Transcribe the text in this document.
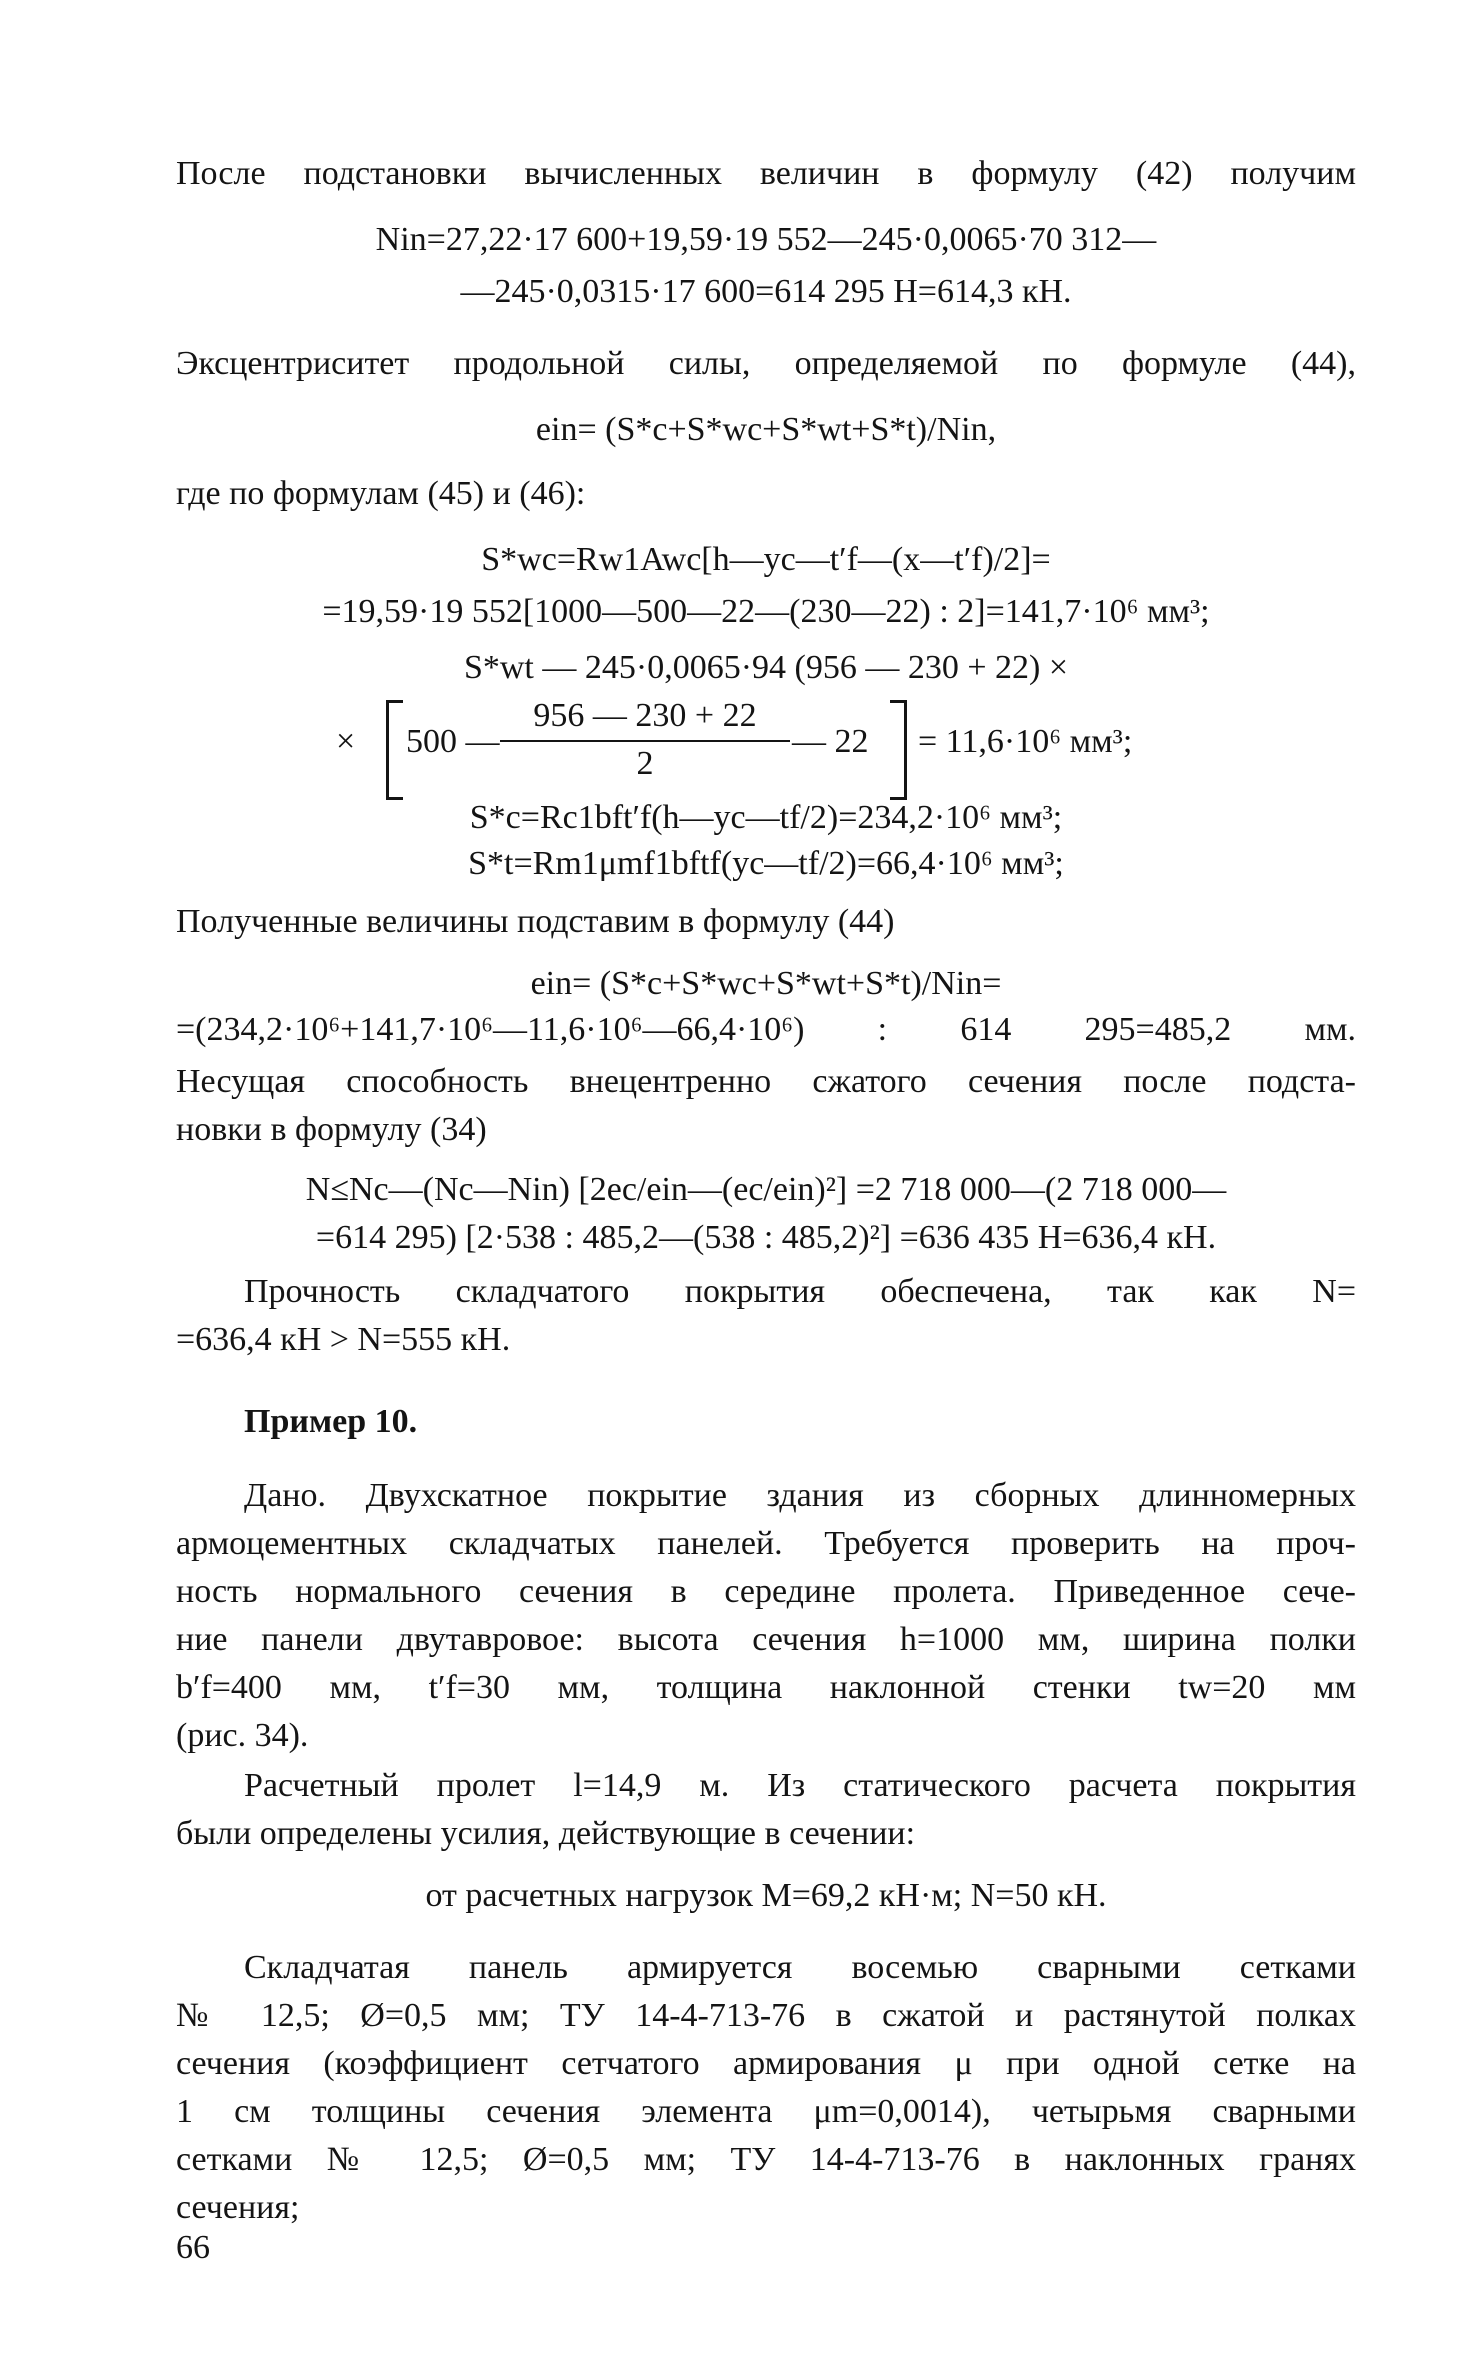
После подстановки вычисленных величин в формулу (42) получим
Nin=27,22·17 600+19,59·19 552—245·0,0065·70 312—
—245·0,0315·17 600=614 295 Н=614,3 кН.
Эксцентриситет продольной силы, определяемой по формуле (44),
ein= (S*c+S*wc+S*wt+S*t)/Nin,
где по формулам (45) и (46):
S*wc=Rw1Awc[h—yc—t′f—(x—t′f)/2]=
=19,59·19 552[1000—500—22—(230—22) : 2]=141,7·10⁶ мм³;
S*wt — 245·0,0065·94 (956 — 230 + 22) ×
× 500 —
956 — 230 + 22
2
— 22 = 11,6·10⁶ мм³;
S*c=Rc1bft′f(h—yc—tf/2)=234,2·10⁶ мм³;
S*t=Rm1μmf1bftf(yc—tf/2)=66,4·10⁶ мм³;
Полученные величины подставим в формулу (44)
ein= (S*c+S*wc+S*wt+S*t)/Nin=
=(234,2·10⁶+141,7·10⁶—11,6·10⁶—66,4·10⁶) : 614 295=485,2 мм.
Несущая способность внецентренно сжатого сечения после подста-
новки в формулу (34)
N≤Nc—(Nc—Nin) [2ec/ein—(ec/ein)²] =2 718 000—(2 718 000—
=614 295) [2·538 : 485,2—(538 : 485,2)²] =636 435 Н=636,4 кН.
Прочность складчатого покрытия обеспечена, так как N=
=636,4 кН > N=555 кН.
Пример 10.
Дано. Двухскатное покрытие здания из сборных длинномерных
армоцементных складчатых панелей. Требуется проверить на проч-
ность нормального сечения в середине пролета. Приведенное сече-
ние панели двутавровое: высота сечения h=1000 мм, ширина полки
b′f=400 мм, t′f=30 мм, толщина наклонной стенки tw=20 мм
(рис. 34).
Расчетный пролет l=14,9 м. Из статического расчета покрытия
были определены усилия, действующие в сечении:
от расчетных нагрузок M=69,2 кН·м; N=50 кН.
Складчатая панель армируется восемью сварными сетками
№ 12,5; Ø=0,5 мм; ТУ 14-4-713-76 в сжатой и растянутой полках
сечения (коэффициент сетчатого армирования μ при одной сетке на
1 см толщины сечения элемента μm=0,0014), четырьмя сварными
сетками № 12,5; Ø=0,5 мм; ТУ 14-4-713-76 в наклонных гранях
сечения;
66
